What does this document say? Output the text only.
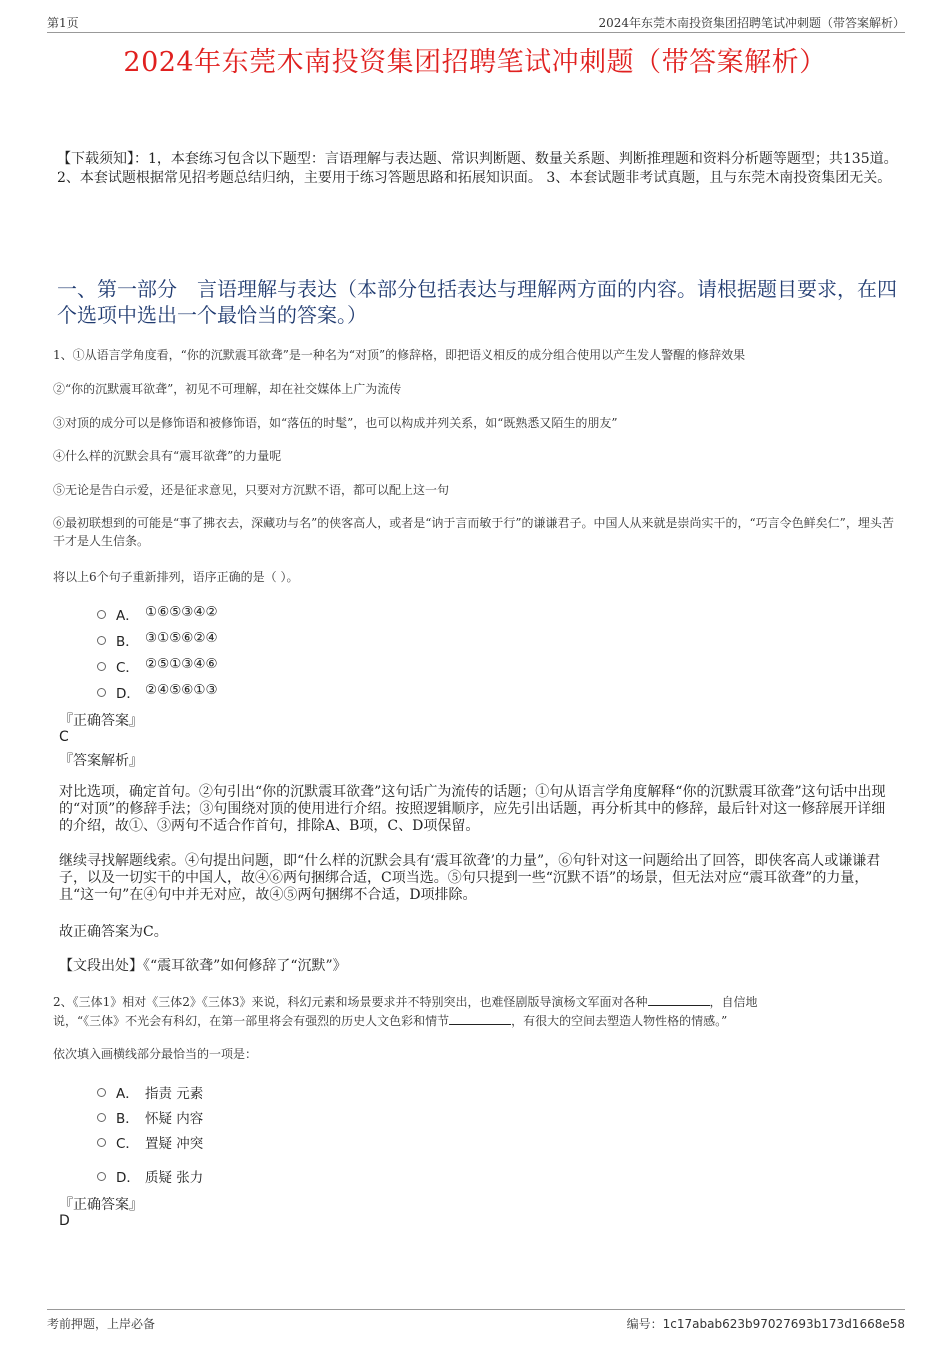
第1页	2024年东莞木南投资集团招聘笔试冲刺题（带答案解析）
2024年东莞木南投资集团招聘笔试冲刺题（带答案解析）
【下载须知】：1，本套练习包含以下题型：言语理解与表达题、常识判断题、数量关系题、判断推理题和资料分析题等题型；共135道。 2、本套试题根据常见招考题总结归纳，主要用于练习答题思路和拓展知识面。 3、本套试题非考试真题，且与东莞木南投资集团无关。
一、第一部分　言语理解与表达（本部分包括表达与理解两方面的内容。请根据题目要求，在四个选项中选出一个最恰当的答案。）
1、①从语言学角度看，“你的沉默震耳欲聋”是一种名为“对顶”的修辞格，即把语义相反的成分组合使用以产生发人警醒的修辞效果
②“你的沉默震耳欲聋”，初见不可理解，却在社交媒体上广为流传
③对顶的成分可以是修饰语和被修饰语，如“落伍的时髦”，也可以构成并列关系，如“既熟悉又陌生的朋友”
④什么样的沉默会具有“震耳欲聋”的力量呢
⑤无论是告白示爱，还是征求意见，只要对方沉默不语，都可以配上这一句
⑥最初联想到的可能是“事了拂衣去，深藏功与名”的侠客高人，或者是“讷于言而敏于行”的谦谦君子。中国人从来就是崇尚实干的，“巧言令色鲜矣仁”，埋头苦干才是人生信条。
将以上6个句子重新排列，语序正确的是（ ）。
A． ①⑥⑤③④②
B． ③①⑤⑥②④
C． ②⑤①③④⑥
D． ②④⑤⑥①③
『正确答案』
C
『答案解析』
对比选项，确定首句。②句引出“你的沉默震耳欲聋”这句话广为流传的话题；①句从语言学角度解释“你的沉默震耳欲聋”这句话中出现的“对顶”的修辞手法；③句围绕对顶的使用进行介绍。按照逻辑顺序，应先引出话题，再分析其中的修辞，最后针对这一修辞展开详细的介绍，故①、③两句不适合作首句，排除A、B项，C、D项保留。
继续寻找解题线索。④句提出问题，即“什么样的沉默会具有‘震耳欲聋’的力量”，⑥句针对这一问题给出了回答，即侠客高人或谦谦君子，以及一切实干的中国人，故④⑥两句捆绑合适，C项当选。⑤句只提到一些“沉默不语”的场景，但无法对应“震耳欲聋”的力量，且“这一句”在④句中并无对应，故④⑤两句捆绑不合适，D项排除。
故正确答案为C。
【文段出处】《“震耳欲聋”如何修辞了“沉默”》
2、《三体1》相对《三体2》《三体3》来说，科幻元素和场景要求并不特别突出，也难怪剧版导演杨文军面对各种	，自信地
说，“《三体》不光会有科幻，在第一部里将会有强烈的历史人文色彩和情节	，有很大的空间去塑造人物性格的情感。”
依次填入画横线部分最恰当的一项是：
A． 指责 元素
B． 怀疑 内容
C． 置疑 冲突
D． 质疑 张力
『正确答案』
D
考前押题，上岸必备	编号：1c17abab623b97027693b173d1668e58
